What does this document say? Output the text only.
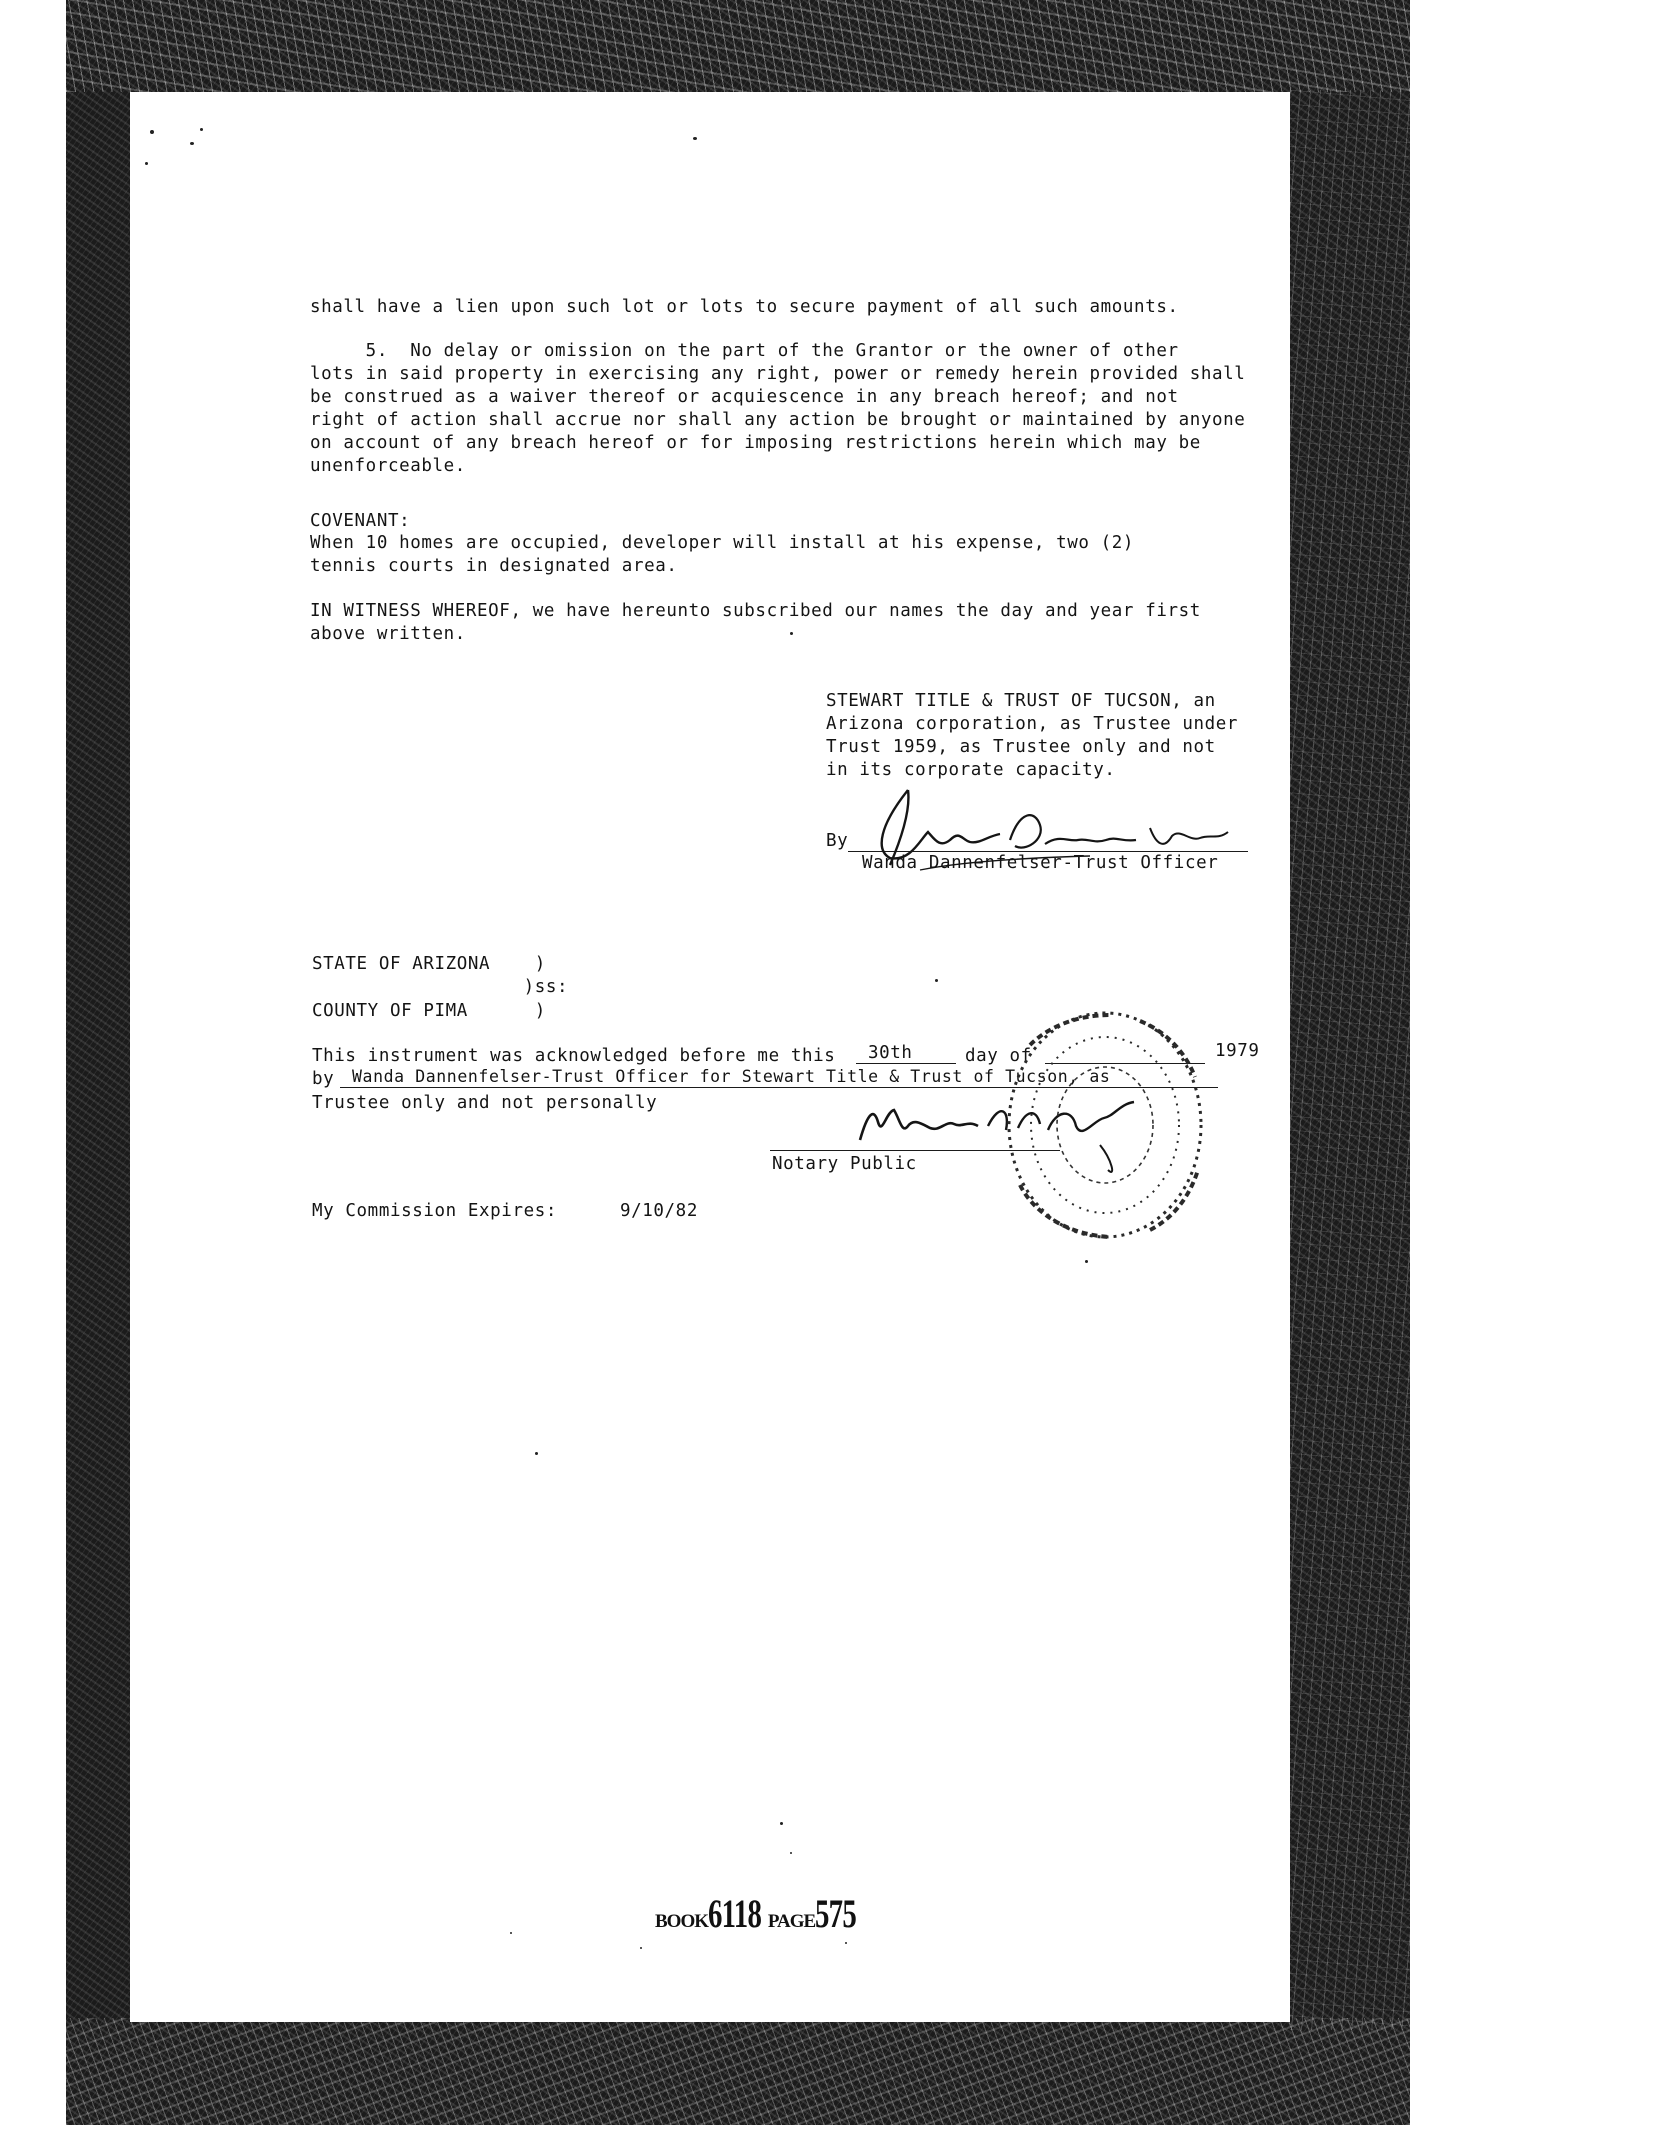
shall have a lien upon such lot or lots to secure payment of all such amounts.
5.  No delay or omission on the part of the Grantor or the owner of other
lots in said property in exercising any right, power or remedy herein provided shall
be construed as a waiver thereof or acquiescence in any breach hereof; and not
right of action shall accrue nor shall any action be brought or maintained by anyone
on account of any breach hereof or for imposing restrictions herein which may be
unenforceable.
COVENANT:
When 10 homes are occupied, developer will install at his expense, two (2)
tennis courts in designated area.
IN WITNESS WHEREOF, we have hereunto subscribed our names the day and year first
above written.
STEWART TITLE & TRUST OF TUCSON, an
Arizona corporation, as Trustee under
Trust 1959, as Trustee only and not
in its corporate capacity.
By
Wanda Dannenfelser-Trust Officer
STATE OF ARIZONA    )
)ss:
COUNTY OF PIMA      )
This instrument was acknowledged before me this 30th	day of	1979
by Wanda Dannenfelser-Trust Officer for Stewart Title & Trust of Tucson, as
Trustee only and not personally
Notary Public
My Commission Expires:	9/10/82
BOOK6118 PAGE575
